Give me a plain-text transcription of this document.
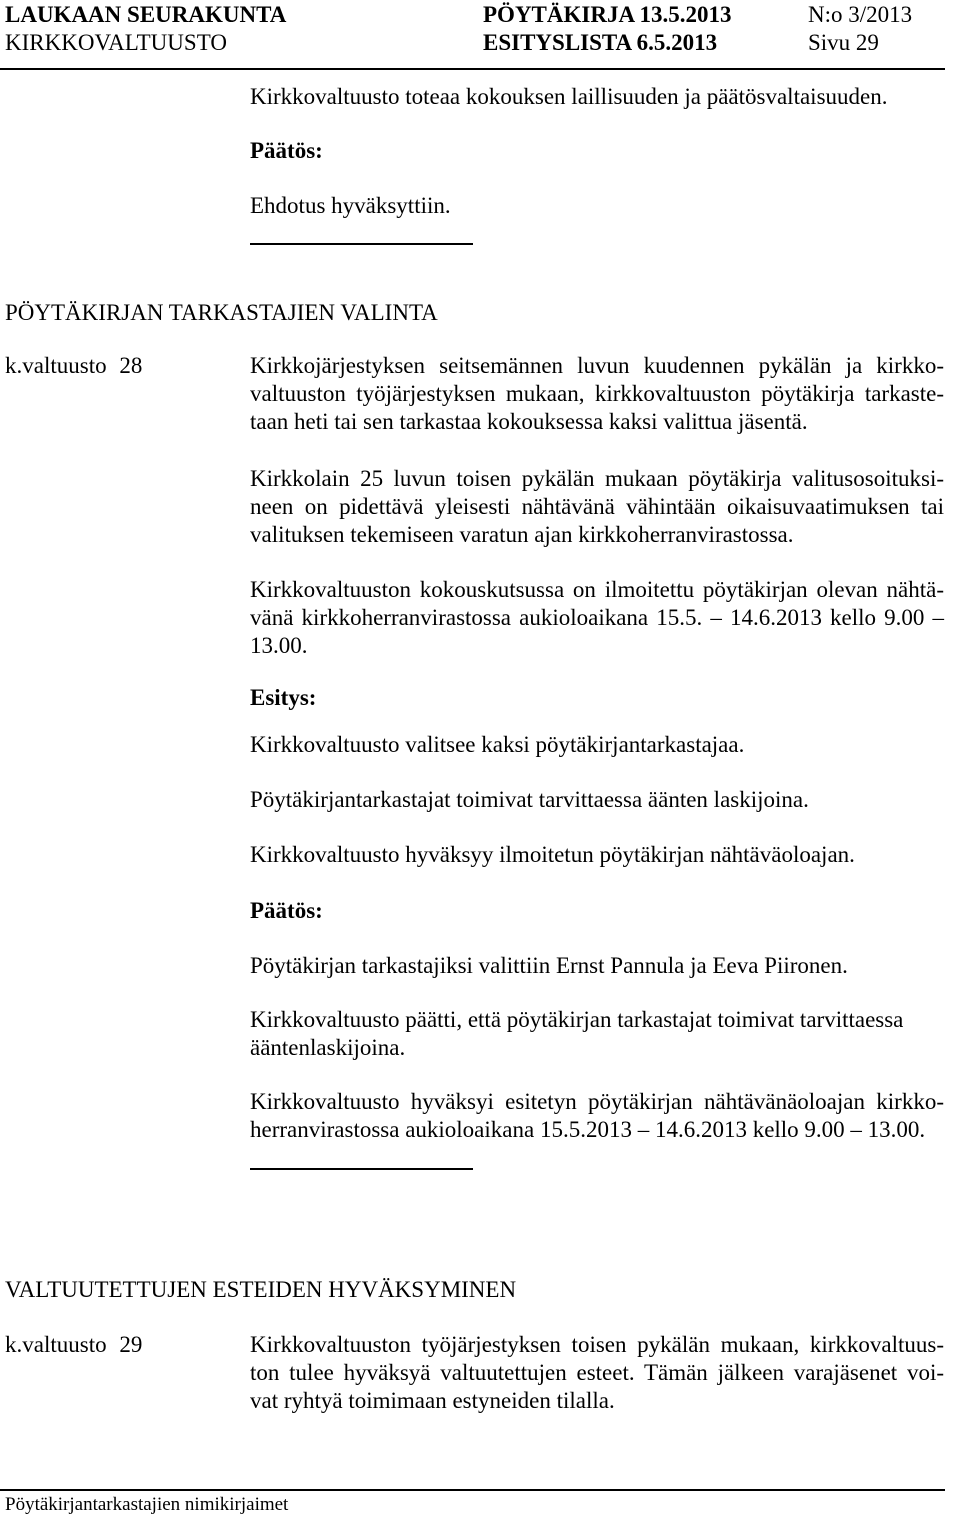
LAUKAAN SEURAKUNTA	PÖYTÄKIRJA 13.5.2013	N:o 3/2013
KIRKKOVALTUUSTO	ESITYSLISTA 6.5.2013	Sivu 29
Kirkkovaltuusto toteaa kokouksen laillisuuden ja päätösvaltaisuuden.
Päätös:
Ehdotus hyväksyttiin.
PÖYTÄKIRJAN TARKASTAJIEN VALINTA
k.valtuusto 28	Kirkkojärjestyksen seitsemännen luvun kuudennen pykälän ja kirkko-
valtuuston työjärjestyksen mukaan, kirkkovaltuuston pöytäkirja tarkaste-
taan heti tai sen tarkastaa kokouksessa kaksi valittua jäsentä.
Kirkkolain 25 luvun toisen pykälän mukaan pöytäkirja valitusosoituksi-
neen on pidettävä yleisesti nähtävänä vähintään oikaisuvaatimuksen tai
valituksen tekemiseen varatun ajan kirkkoherranvirastossa.
Kirkkovaltuuston kokouskutsussa on ilmoitettu pöytäkirjan olevan nähtä-
vänä kirkkoherranvirastossa aukioloaikana 15.5. – 14.6.2013 kello 9.00 –
13.00.
Esitys:
Kirkkovaltuusto valitsee kaksi pöytäkirjantarkastajaa.
Pöytäkirjantarkastajat toimivat tarvittaessa äänten laskijoina.
Kirkkovaltuusto hyväksyy ilmoitetun pöytäkirjan nähtäväoloajan.
Päätös:
Pöytäkirjan tarkastajiksi valittiin Ernst Pannula ja Eeva Piironen.
Kirkkovaltuusto päätti, että pöytäkirjan tarkastajat toimivat tarvittaessa
ääntenlaskijoina.
Kirkkovaltuusto hyväksyi esitetyn pöytäkirjan nähtävänäoloajan kirkko-
herranvirastossa aukioloaikana 15.5.2013 – 14.6.2013 kello 9.00 – 13.00.
VALTUUTETTUJEN ESTEIDEN HYVÄKSYMINEN
k.valtuusto 29	Kirkkovaltuuston työjärjestyksen toisen pykälän mukaan, kirkkovaltuus-
ton tulee hyväksyä valtuutettujen esteet. Tämän jälkeen varajäsenet voi-
vat ryhtyä toimimaan estyneiden tilalla.
Pöytäkirjantarkastajien nimikirjaimet
